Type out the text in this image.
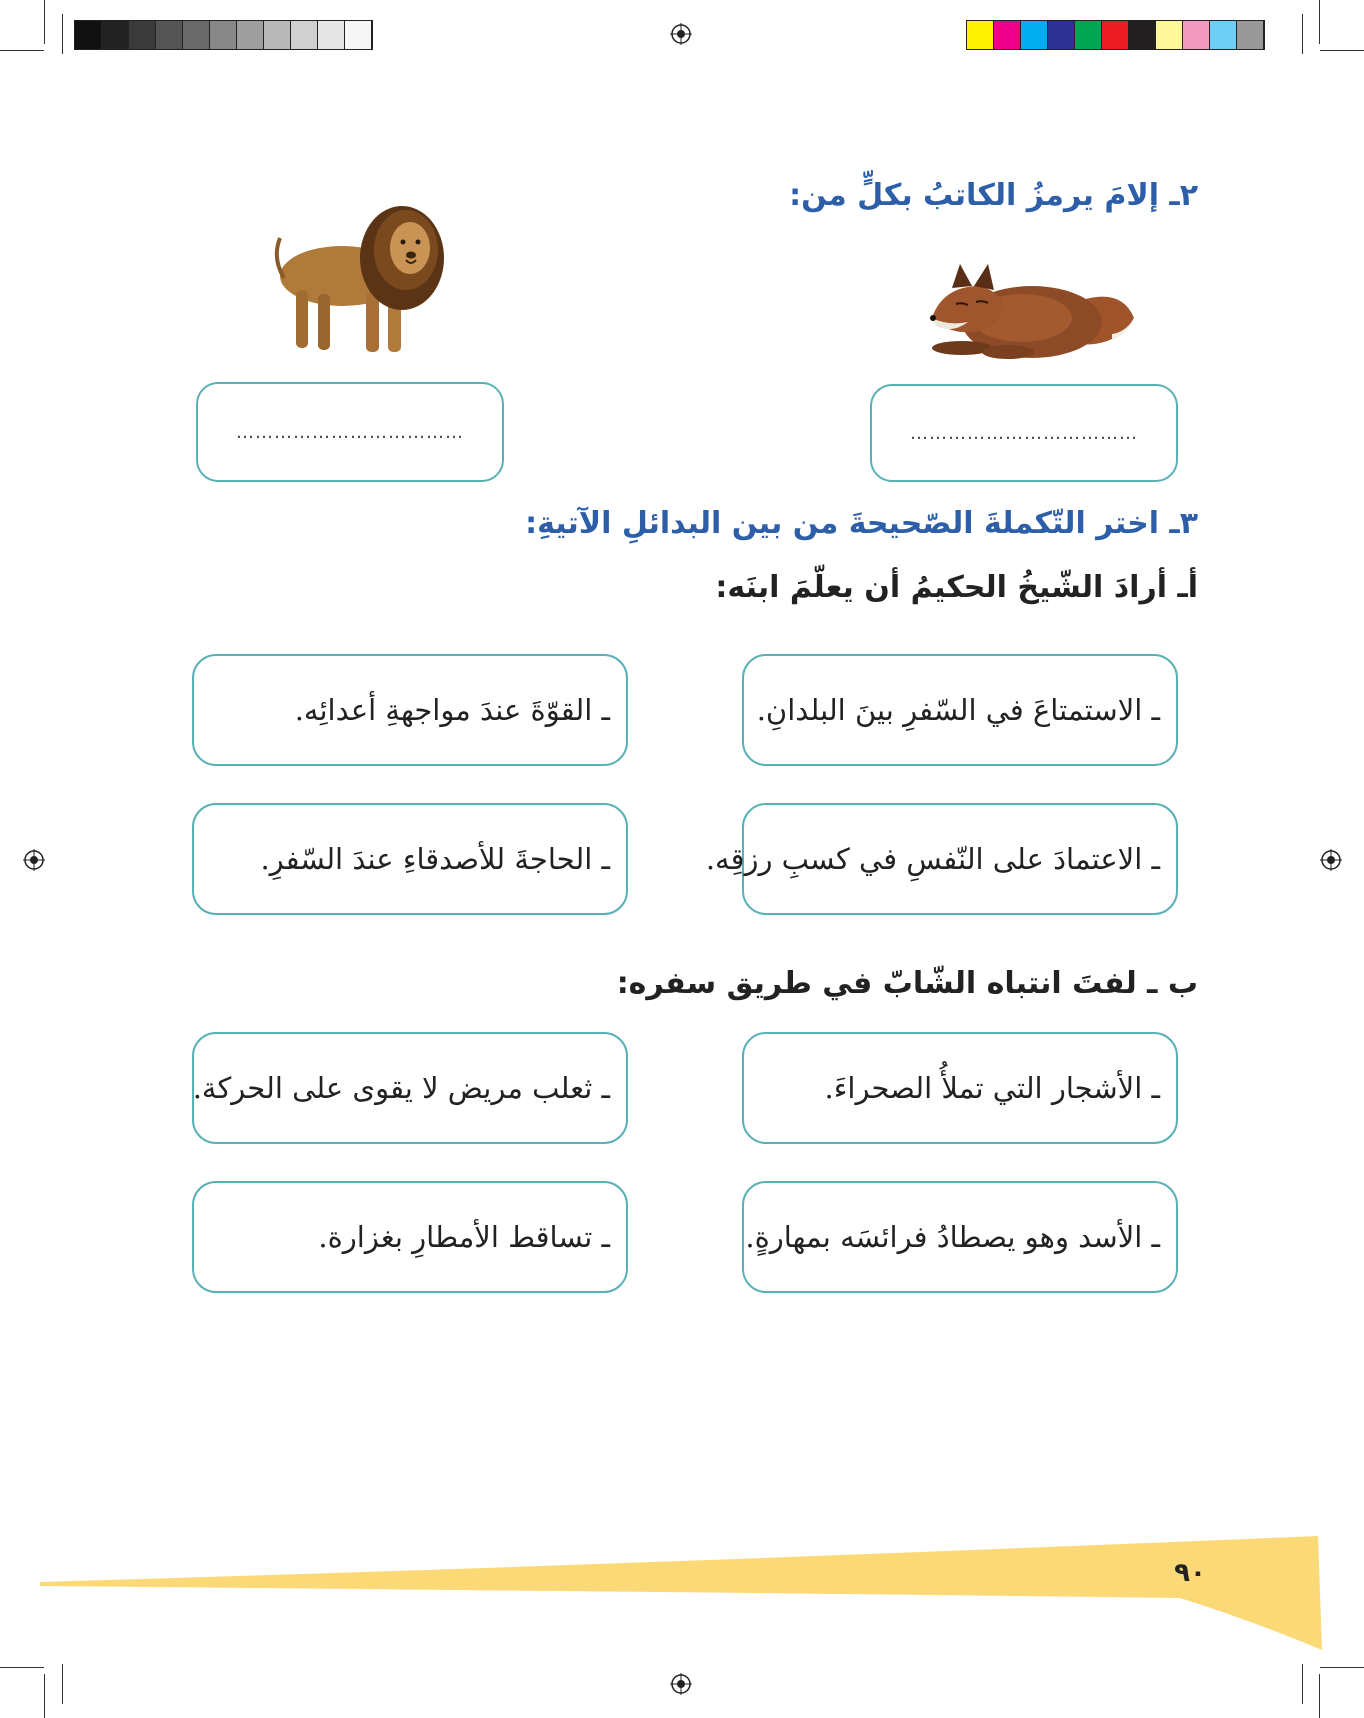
٢ـ إلامَ يرمزُ الكاتبُ بكلٍّ من:
………………………………	………………………………
٣ـ اختر التّكملةَ الصّحيحةَ من بين البدائلِ الآتيةِ:
أـ أرادَ الشّيخُ الحكيمُ أن يعلّمَ ابنَه:
ـ الاستمتاعَ في السّفرِ بينَ البلدانِ.
ـ القوّةَ عندَ مواجهةِ أعدائِه.
ـ الاعتمادَ على النّفسِ في كسبِ رزقِه.
ـ الحاجةَ للأصدقاءِ عندَ السّفرِ.
ب ـ لفتَ انتباه الشّابّ في طريق سفره:
ـ الأشجار التي تملأُ الصحراءَ.
ـ ثعلب مريض لا يقوى على الحركة.
ـ الأسد وهو يصطادُ فرائسَه بمهارةٍ.
ـ تساقط الأمطارِ بغزارة.
٩٠
